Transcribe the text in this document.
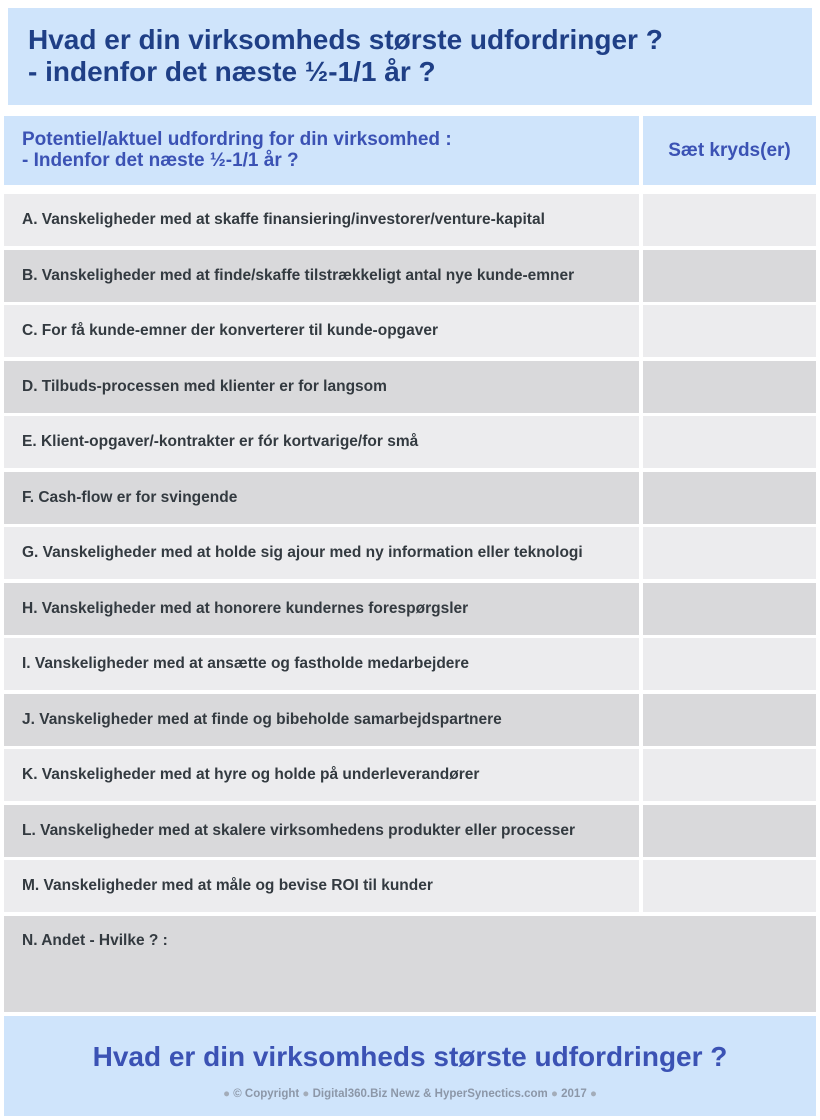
Hvad er din virksomheds største udfordringer ?
- indenfor det næste ½-1/1 år ?
Potentiel/aktuel udfordring for din virksomhed :
- Indenfor det næste ½-1/1 år ?	Sæt kryds(er)
A. Vanskeligheder med at skaffe finansiering/investorer/venture-kapital
B. Vanskeligheder med at finde/skaffe tilstrækkeligt antal nye kunde-emner
C. For få kunde-emner der konverterer til kunde-opgaver
D. Tilbuds-processen med klienter er for langsom
E. Klient-opgaver/-kontrakter er fór kortvarige/for små
F. Cash-flow er for svingende
G. Vanskeligheder med at holde sig ajour med ny information eller teknologi
H. Vanskeligheder med at honorere kundernes forespørgsler
I. Vanskeligheder med at ansætte og fastholde medarbejdere
J. Vanskeligheder med at finde og bibeholde samarbejdspartnere
K. Vanskeligheder med at hyre og holde på underleverandører
L. Vanskeligheder med at skalere virksomhedens produkter eller processer
M. Vanskeligheder med at måle og bevise ROI til kunder
N. Andet - Hvilke ? :
Hvad er din virksomheds største udfordringer ?
● © Copyright ● Digital360.Biz Newz & HyperSynectics.com ● 2017 ●
